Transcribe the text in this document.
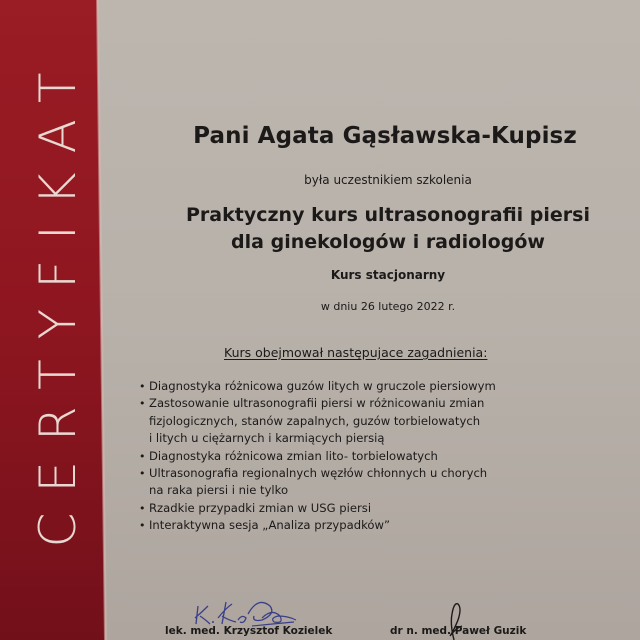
CERTYFIKAT	Pani Agata Gąsławska-Kupisz
była uczestnikiem szkolenia
Praktyczny kurs ultrasonografii piersi
dla ginekologów i radiologów
Kurs stacjonarny
w dniu 26 lutego 2022 r.
Kurs obejmował następujace zagadnienia:
• Diagnostyka różnicowa guzów litych w gruczole piersiowym
• Zastosowanie ultrasonografii piersi w różnicowaniu zmian
fizjologicznych, stanów zapalnych, guzów torbielowatych
i litych u ciężarnych i karmiących piersią
• Diagnostyka różnicowa zmian lito- torbielowatych
• Ultrasonografia regionalnych węzłów chłonnych u chorych
na raka piersi i nie tylko
• Rzadkie przypadki zmian w USG piersi
• Interaktywna sesja „Analiza przypadków”
lek. med. Krzysztof Kozielek	dr n. med. Paweł Guzik
